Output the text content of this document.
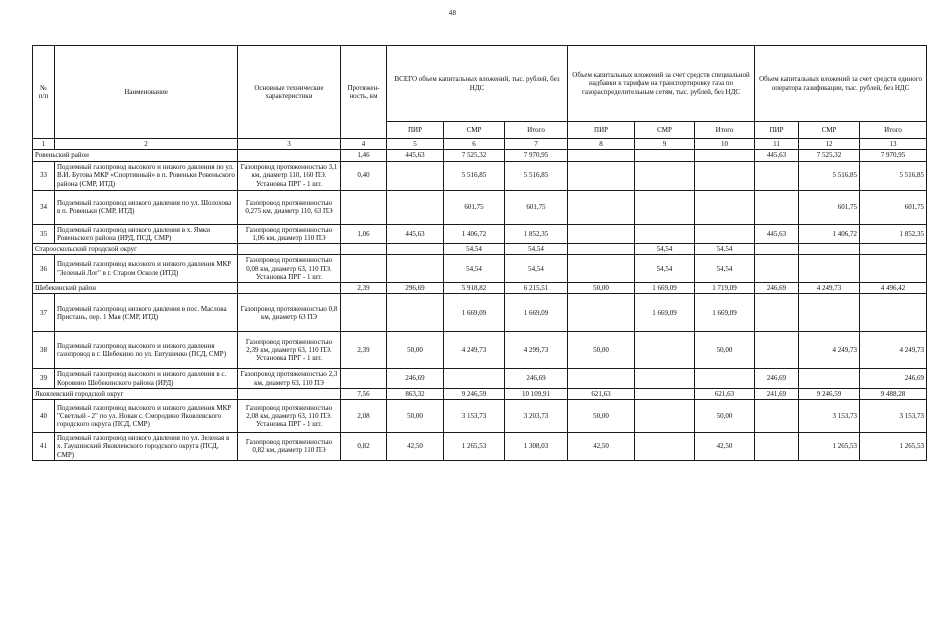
48
№
п/п	Наименование	Основные технические характеристики	Протяжен-ность, км	ВСЕГО объем капитальных вложений, тыс. рублей, без НДС			Объем капитальных вложений за счет средств специальной надбавки к тарифам на транспортировку газа по газораспределительным сетям, тыс. рублей, без НДС			Объем капитальных вложений за счет средств единого оператора газификации, тыс. рублей, без НДС		
				ПИР	СМР	Итого	ПИР	СМР	Итого	ПИР	СМР	Итого
1	2	3	4	5	6	7	8	9	10	11	12	13
Ровеньский район			1,46	445,63	7 525,32	7 970,95				445,63	7 525,32	7 970,95
33	Подземный газопровод высокого и низкого давления по ул. В.И. Бутова МКР «Спортивный» в п. Ровеньки Ровеньского района (СМР, ИТД)	Газопровод протяженностью 3,1 км, диаметр 110, 160 ПЭ. Установка ПРГ - 1 шт.	0,40		5 516,85	5 516,85					5 516,85	5 516,85
34	Подземный газопровод низкого давления по ул. Шолохова в п. Ровеньки (СМР, ИТД)	Газопровод протяженностью 0,275 км, диаметр 110, 63 ПЭ			601,75	601,75					601,75	601,75
35	Подземный газопровод низкого давления в х. Ямки Ровеньского района (ИРД, ПСД, СМР)	Газопровод протяженностью 1,06 км, диаметр 110 ПЭ	1,06	445,63	1 406,72	1 852,35				445,63	1 406,72	1 852,35
Старооскольский городской округ					54,54	54,54		54,54	54,54			
36	Подземный газопровод высокого и низкого давления МКР "Зеленый Лог" в г. Старом Осколе (ИТД)	Газопровод протяженностью 0,08 км, диаметр 63, 110 ПЭ. Установка ПРГ - 1 шт.			54,54	54,54		54,54	54,54			
Шебекинский район			2,39	296,69	5 918,82	6 215,51	50,00	1 669,09	1 719,09	246,69	4 249,73	4 496,42
37	Подземный газопровод низкого давления в пос. Маслова Пристань, пер. 1 Мая (СМР, ИТД)	Газопровод протяженностью 0,8 км, диаметр 63 ПЭ			1 669,09	1 669,09		1 669,09	1 669,09			
38	Подземный газопровод высокого и низкого давления газопровод в г. Шебекино по ул. Евтушенко (ПСД, СМР)	Газопровод протяженностью 2,39 км, диаметр 63, 110 ПЭ. Установка ПРГ - 1 шт.	2,39	50,00	4 249,73	4 299,73	50,00		50,00		4 249,73	4 249,73
39	Подземный газопровод высокого и низкого давления в с. Коровино Шебекинского района (ИРД)	Газопровод протяженностью 2,3 км, диаметр 63, 110 ПЭ		246,69		246,69				246,69		246,69
Яковлевский городской округ			7,56	863,32	9 246,59	10 109,91	621,63		621,63	241,69	9 246,59	9 488,28
40	Подземный газопровод высокого и низкого давления МКР "Светлый - 2" по ул. Новая с. Смородино Яковлевского городского округа (ПСД, СМР)	Газопровод протяженностью 2,08 км, диаметр 63, 110 ПЭ. Установка ПРГ - 1 шт.	2,08	50,00	3 153,73	3 203,73	50,00		50,00		3 153,73	3 153,73
41	Подземный газопровод низкого давления по ул. Зеленая в х. Гаушинский Яковлевского городского округа (ПСД, СМР)	Газопровод протяженностью 0,82 км, диаметр 110 ПЭ	0,82	42,50	1 265,53	1 308,03	42,50		42,50		1 265,53	1 265,53
